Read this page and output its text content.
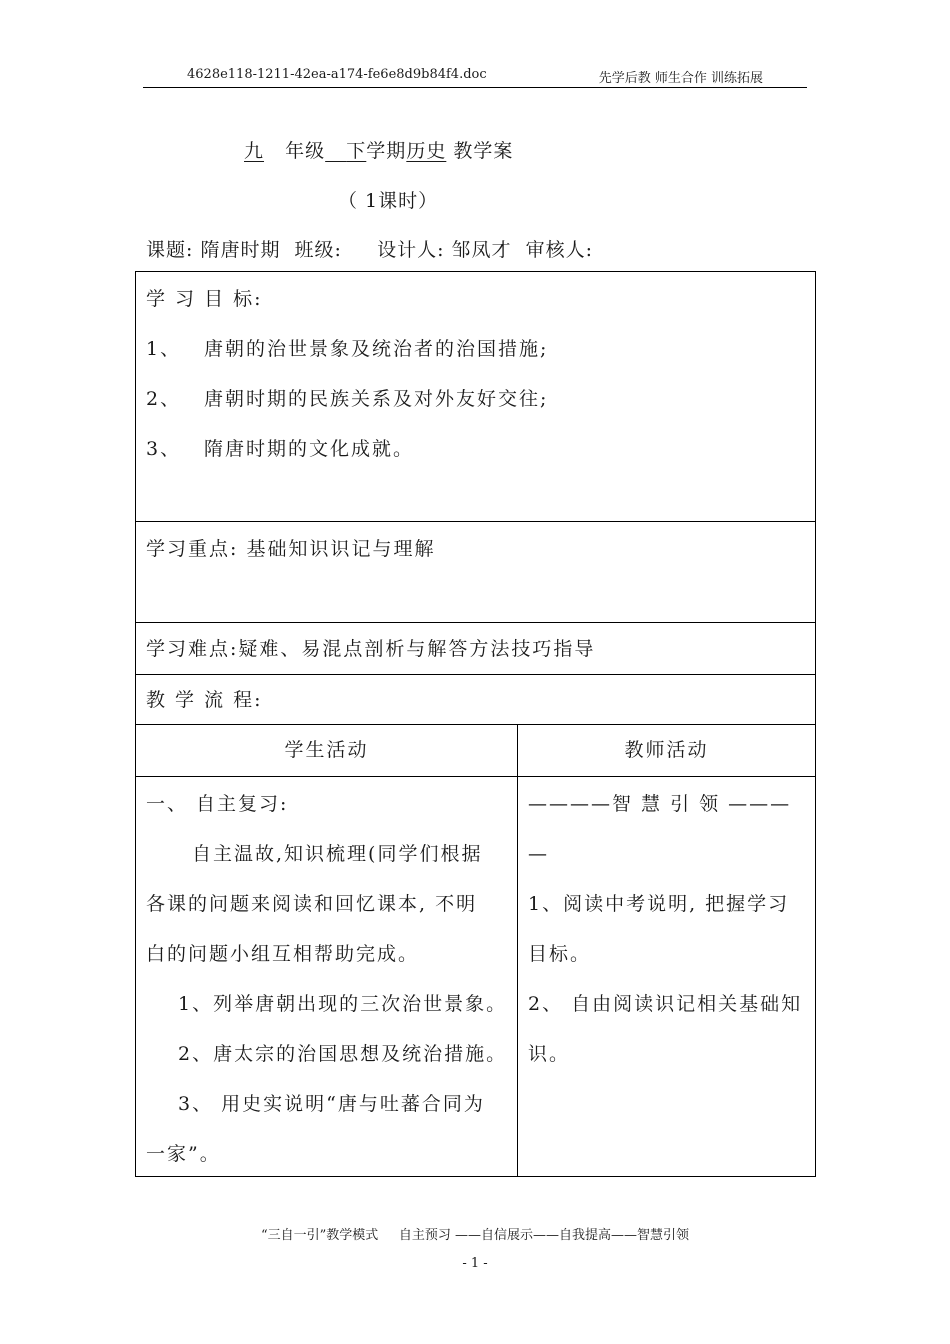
4628e118-1211-42ea-a174-fe6e8d9b84f4.doc	先学后教 师生合作 训练拓展
九 年级 下学期历史 教学案
（ 1课时）
课题: 隋唐时期  班级:     设计人: 邹凤才  审核人:

学 习 目 标:

1、 唐朝的治世景象及统治者的治国措施;

2、 唐朝时期的民族关系及对外友好交往;

3、 隋唐时期的文化成就。

学习重点: 基础知识识记与理解

学习难点:疑难、易混点剖析与解答方法技巧指导

教 学 流 程:

学生活动	教师活动

一、 自主复习:

自主温故,知识梳理(同学们根据

各课的问题来阅读和回忆课本, 不明

白的问题小组互相帮助完成。

1、列举唐朝出现的三次治世景象。

2、唐太宗的治国思想及统治措施。

3、 用史实说明“唐与吐蕃合同为

一家”。

————智 慧 引 领 ———

—

1、阅读中考说明, 把握学习

目标。

2、 自由阅读识记相关基础知

识。

“三自一引”教学模式     自主预习 ——自信展示——自我提高——智慧引领
- 1 -
